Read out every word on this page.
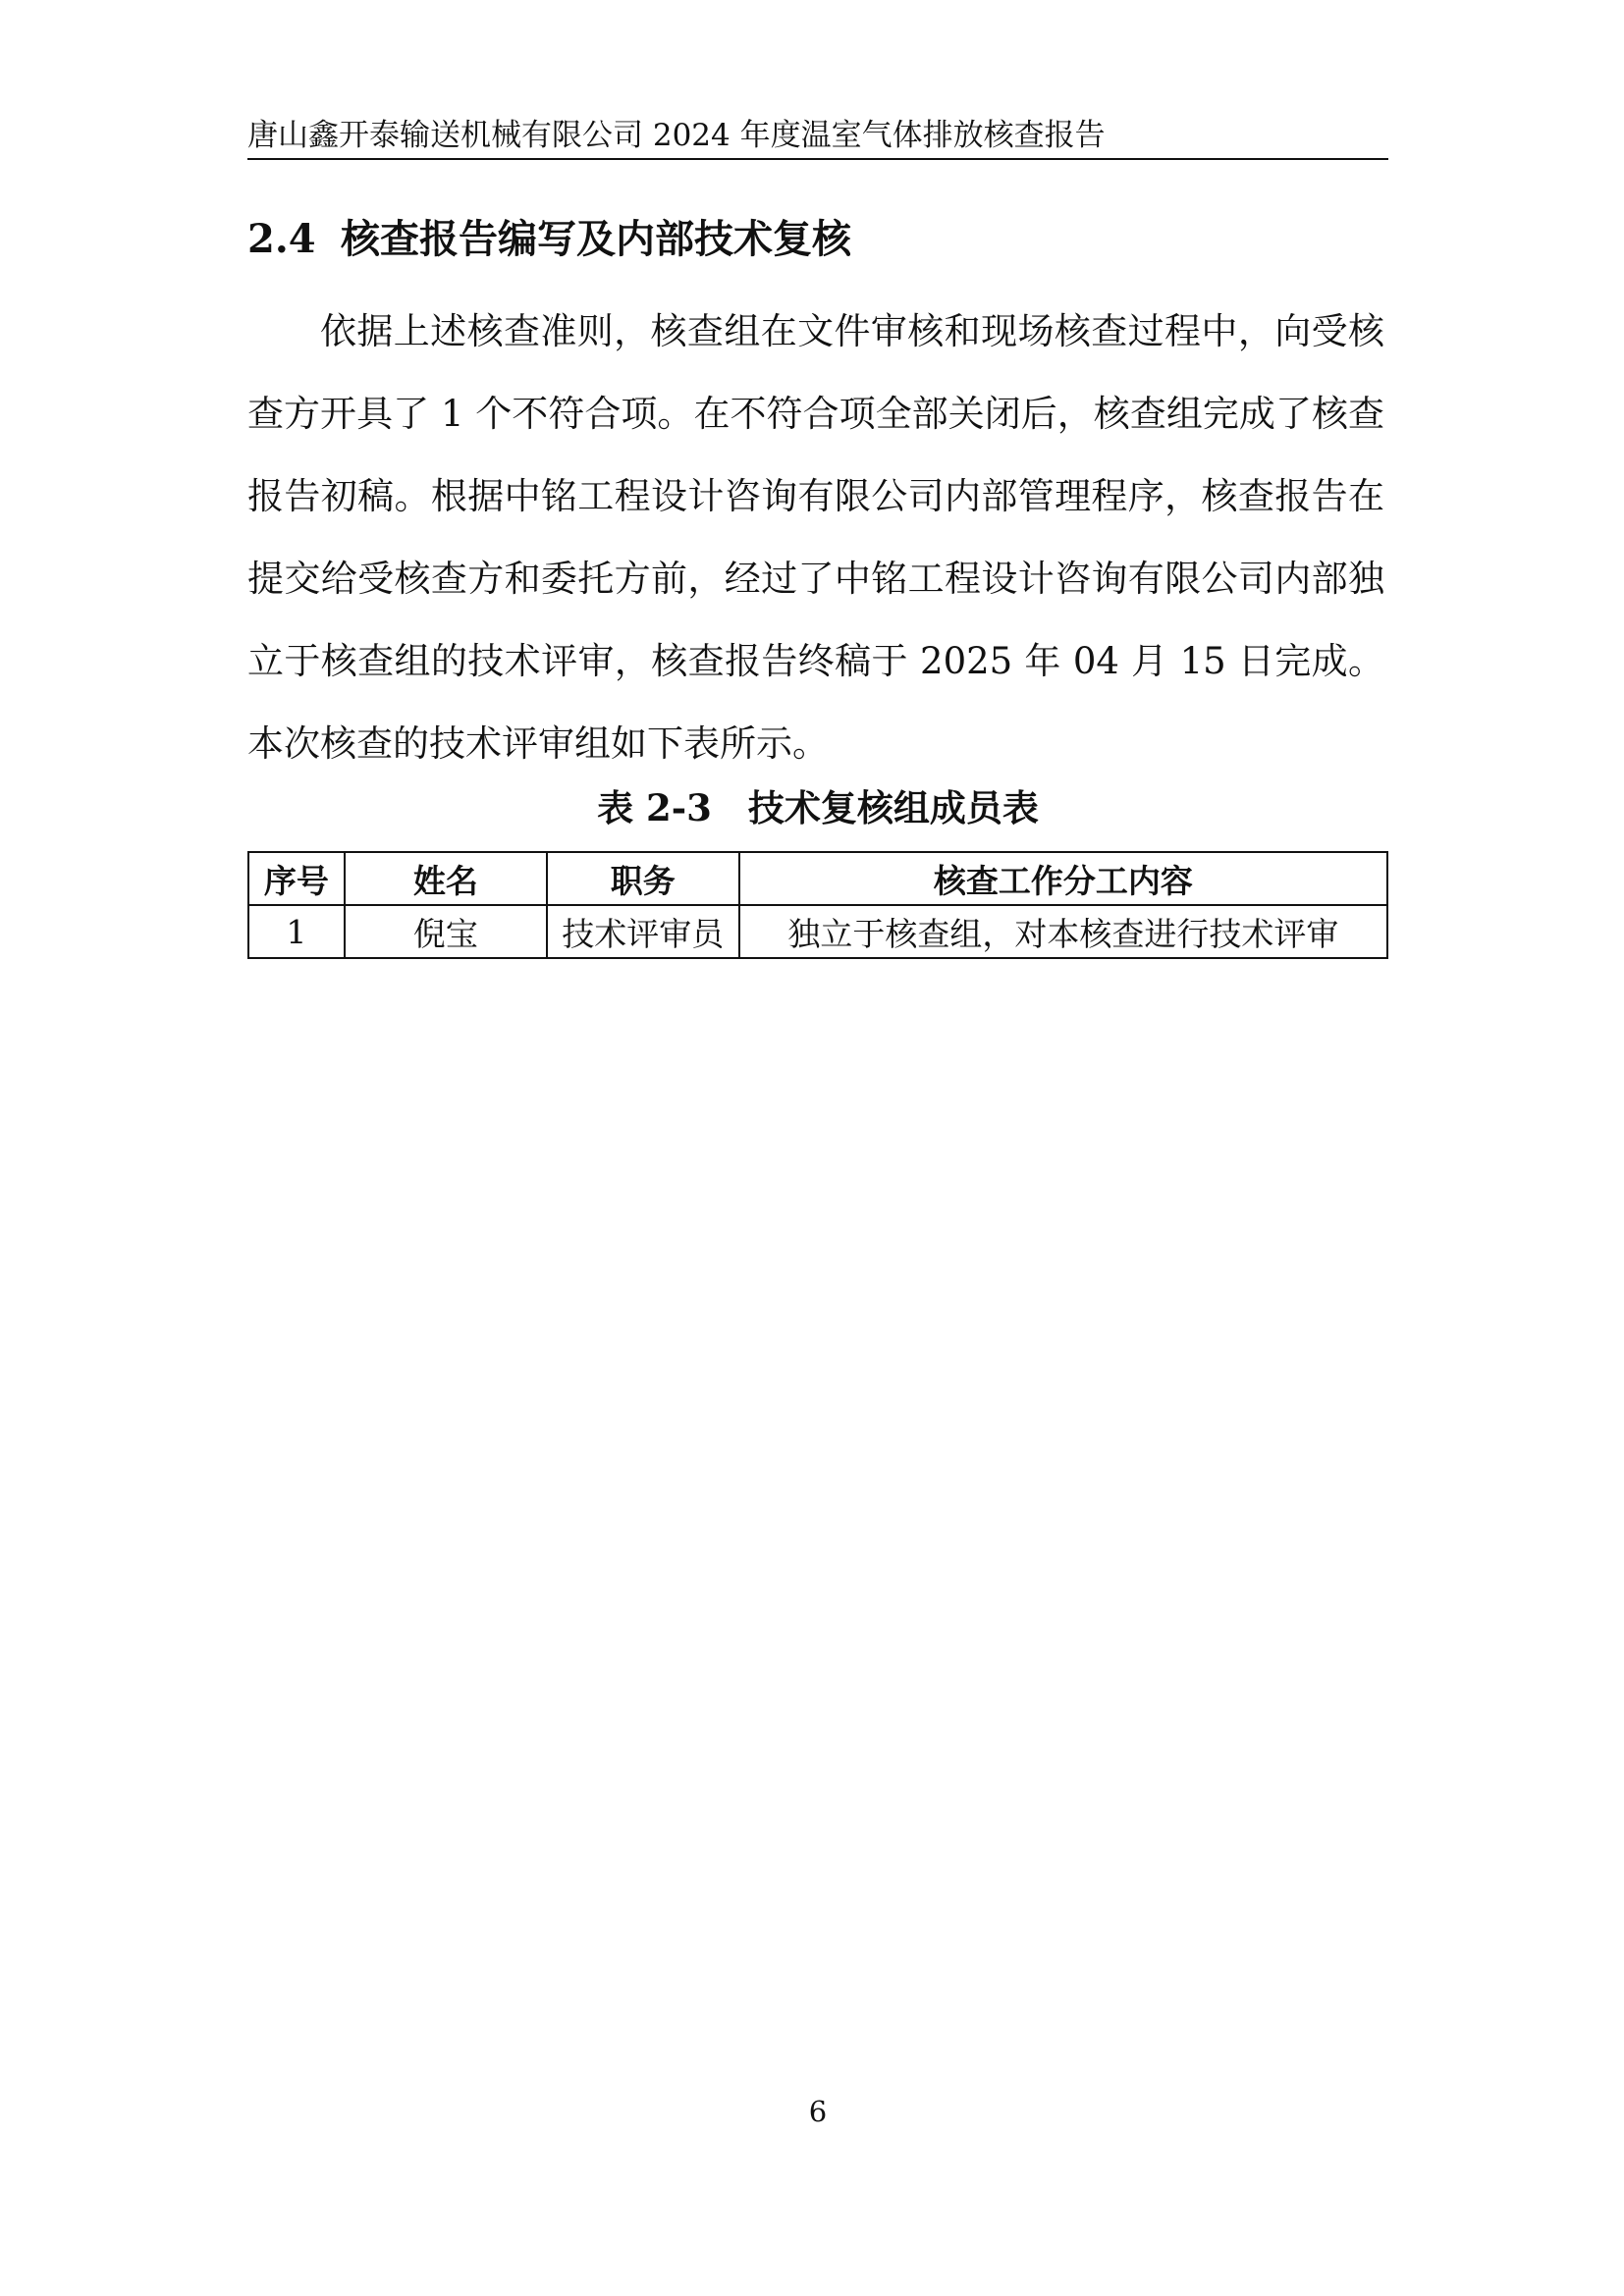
唐山鑫开泰输送机械有限公司 2024 年度温室气体排放核查报告
2.4 核查报告编写及内部技术复核

依据上述核查准则，核查组在文件审核和现场核查过程中，向受核查方开具了 1 个不符合项。在不符合项全部关闭后，核查组完成了核查报告初稿。根据中铭工程设计咨询有限公司内部管理程序，核查报告在提交给受核查方和委托方前，经过了中铭工程设计咨询有限公司内部独立于核查组的技术评审，核查报告终稿于 2025 年 04 月 15 日完成。本次核查的技术评审组如下表所示。

表 2-3　技术复核组成员表
序号	姓名	职务	核查工作分工内容
1	倪宝	技术评审员	独立于核查组，对本核查进行技术评审
6
